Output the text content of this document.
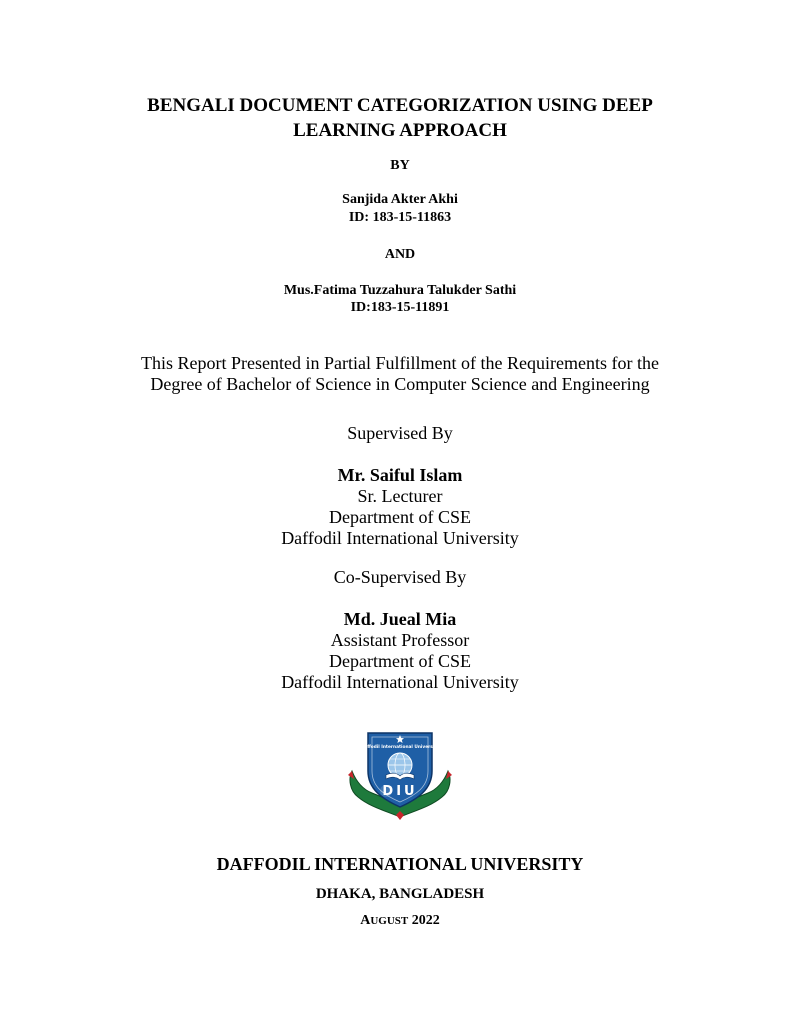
BENGALI DOCUMENT CATEGORIZATION USING DEEP
LEARNING APPROACH
BY
Sanjida Akter Akhi
ID: 183-15-11863
AND
Mus.Fatima Tuzzahura Talukder Sathi
ID:183-15-11891
This Report Presented in Partial Fulfillment of the Requirements for the
Degree of Bachelor of Science in Computer Science and Engineering
Supervised By
Mr. Saiful Islam
Sr. Lecturer
Department of CSE
Daffodil International University
Co-Supervised By
Md. Jueal Mia
Assistant Professor
Department of CSE
Daffodil International University
Daffodil International University
DIU
DAFFODIL INTERNATIONAL UNIVERSITY
DHAKA, BANGLADESH
AUGUST 2022
